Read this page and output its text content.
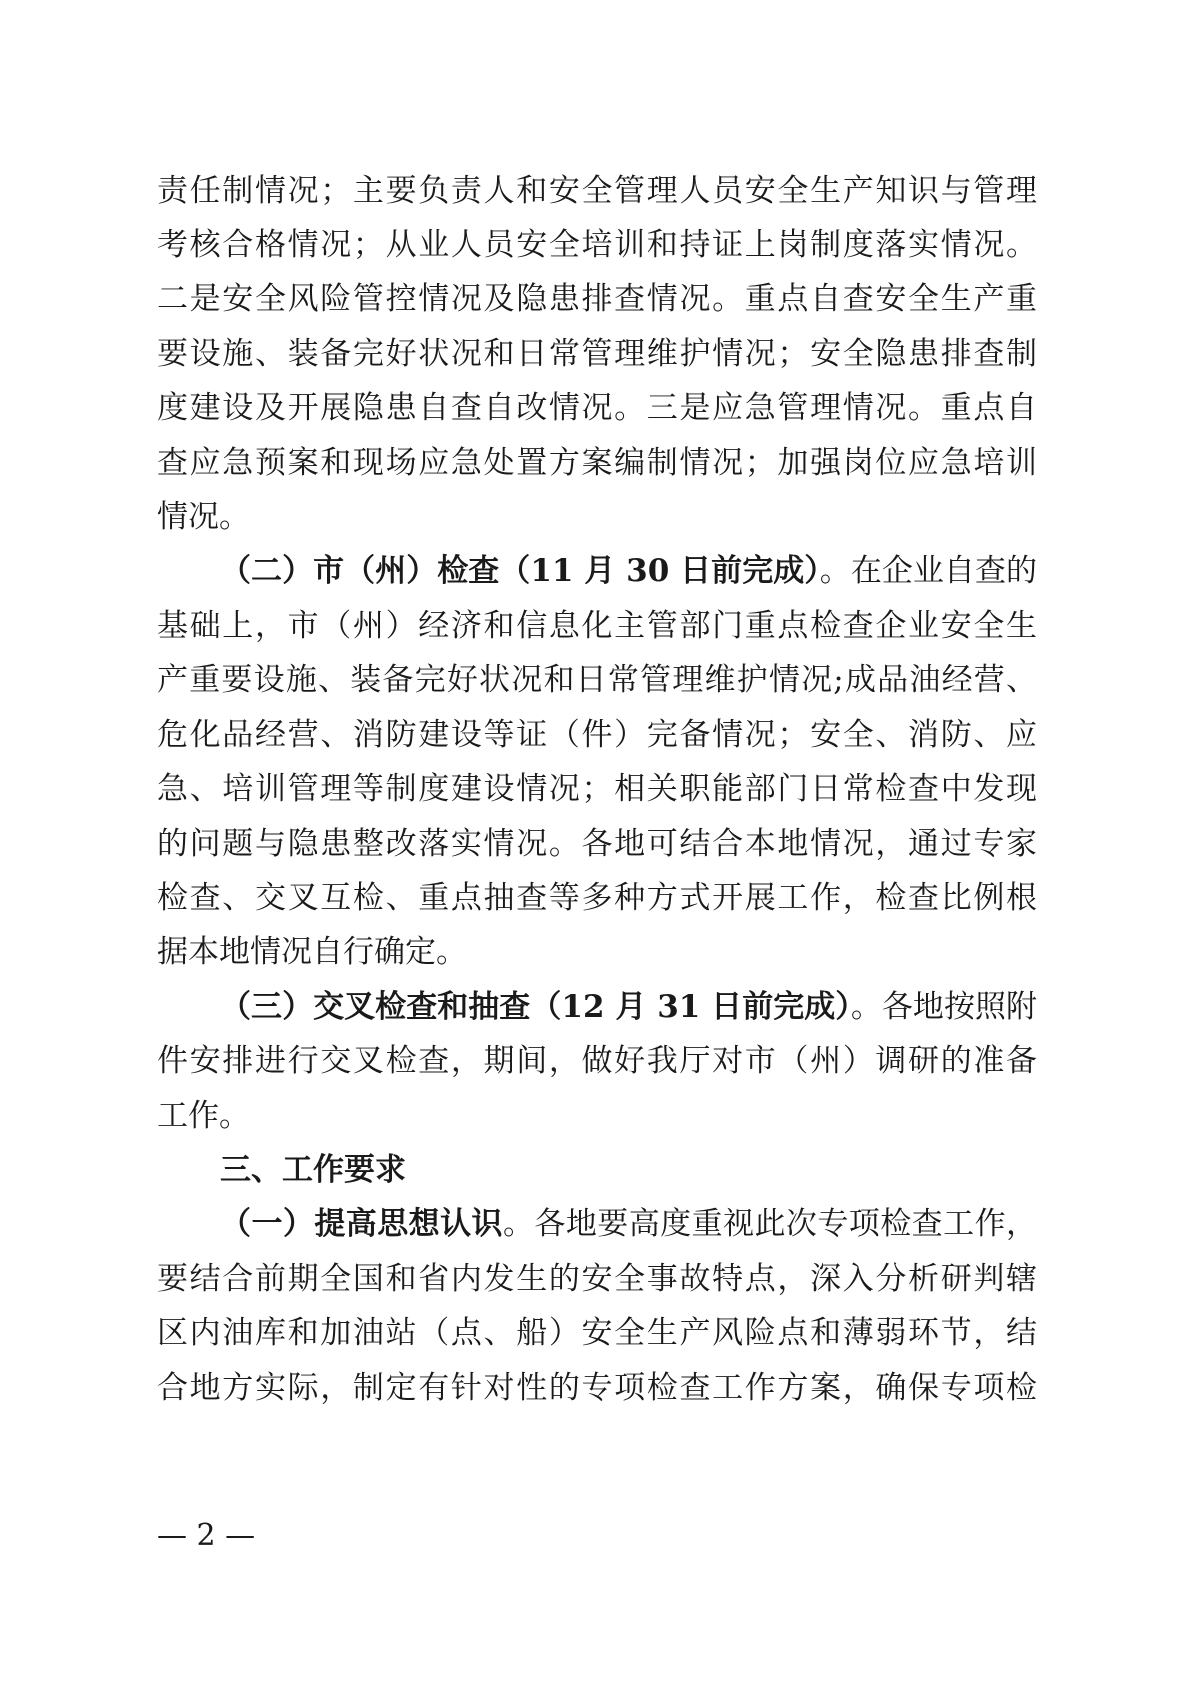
责任制情况；主要负责人和安全管理人员安全生产知识与管理
考核合格情况；从业人员安全培训和持证上岗制度落实情况。
二是安全风险管控情况及隐患排查情况。重点自查安全生产重
要设施、装备完好状况和日常管理维护情况；安全隐患排查制
度建设及开展隐患自查自改情况。三是应急管理情况。重点自
查应急预案和现场应急处置方案编制情况；加强岗位应急培训
情况。
（二）市（州）检查（11 月 30 日前完成）。在企业自查的
基础上，市（州）经济和信息化主管部门重点检查企业安全生
产重要设施、装备完好状况和日常管理维护情况;成品油经营、
危化品经营、消防建设等证（件）完备情况；安全、消防、应
急、培训管理等制度建设情况；相关职能部门日常检查中发现
的问题与隐患整改落实情况。各地可结合本地情况，通过专家
检查、交叉互检、重点抽查等多种方式开展工作，检查比例根
据本地情况自行确定。
（三）交叉检查和抽查（12 月 31 日前完成）。各地按照附
件安排进行交叉检查，期间，做好我厅对市（州）调研的准备
工作。
三、工作要求
（一）提高思想认识。各地要高度重视此次专项检查工作，
要结合前期全国和省内发生的安全事故特点，深入分析研判辖
区内油库和加油站（点、船）安全生产风险点和薄弱环节，结
合地方实际，制定有针对性的专项检查工作方案，确保专项检
— 2 —
